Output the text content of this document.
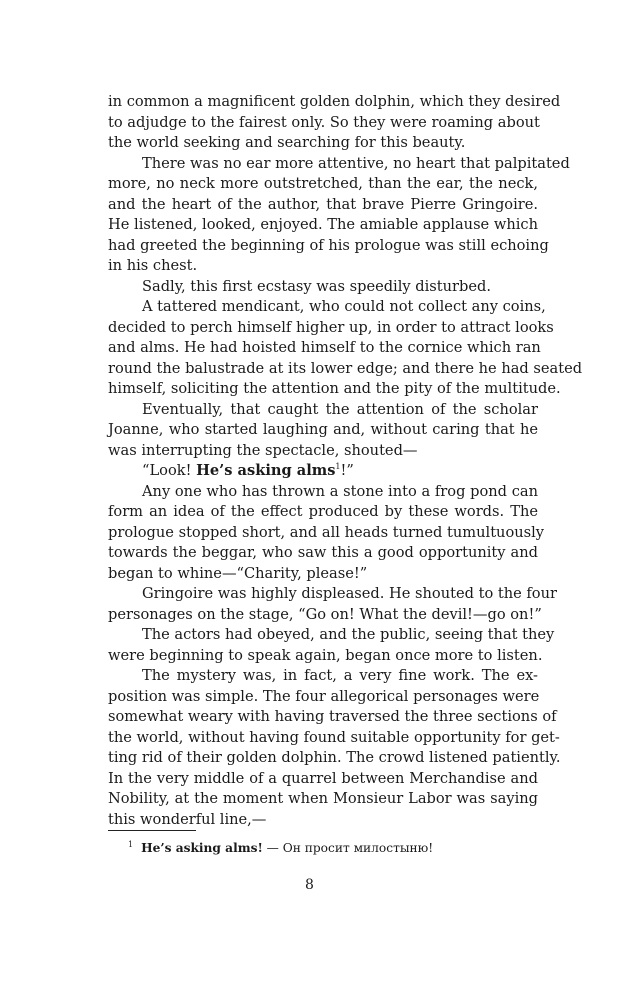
in common a magnificent golden dolphin, which they desired
to adjudge to the fairest only. So they were roaming about
the world seeking and searching for this beauty.
There was no ear more attentive, no heart that palpitated
more, no neck more outstretched, than the ear, the neck,
and the heart of the author, that brave Pierre Gringoire.
He listened, looked, enjoyed. The amiable applause which
had greeted the beginning of his prologue was still echoing
in his chest.
Sadly, this first ecstasy was speedily disturbed.
A tattered mendicant, who could not collect any coins,
decided to perch himself higher up, in order to attract looks
and alms. He had hoisted himself to the cornice which ran
round the balustrade at its lower edge; and there he had seated
himself, soliciting the attention and the pity of the multitude.
Eventually, that caught the attention of the scholar
Joanne, who started laughing and, without caring that he
was interrupting the spectacle, shouted—
“Look! He’s asking alms$^1$!”
Any one who has thrown a stone into a frog pond can
form an idea of the effect produced by these words. The
prologue stopped short, and all heads turned tumultuously
towards the beggar, who saw this a good opportunity and
began to whine—“Charity, please!”
Gringoire was highly displeased. He shouted to the four
personages on the stage, “Go on! What the devil!—go on!”
The actors had obeyed, and the public, seeing that they
were beginning to speak again, began once more to listen.
The mystery was, in fact, a very fine work. The ex-
position was simple. The four allegorical personages were
somewhat weary with having traversed the three sections of
the world, without having found suitable opportunity for get-
ting rid of their golden dolphin. The crowd listened patiently.
In the very middle of a quarrel between Merchandise and
Nobility, at the moment when Monsieur Labor was saying
this wonderful line,—
$^1$ He’s asking alms! — Он просит милостыню!
8
